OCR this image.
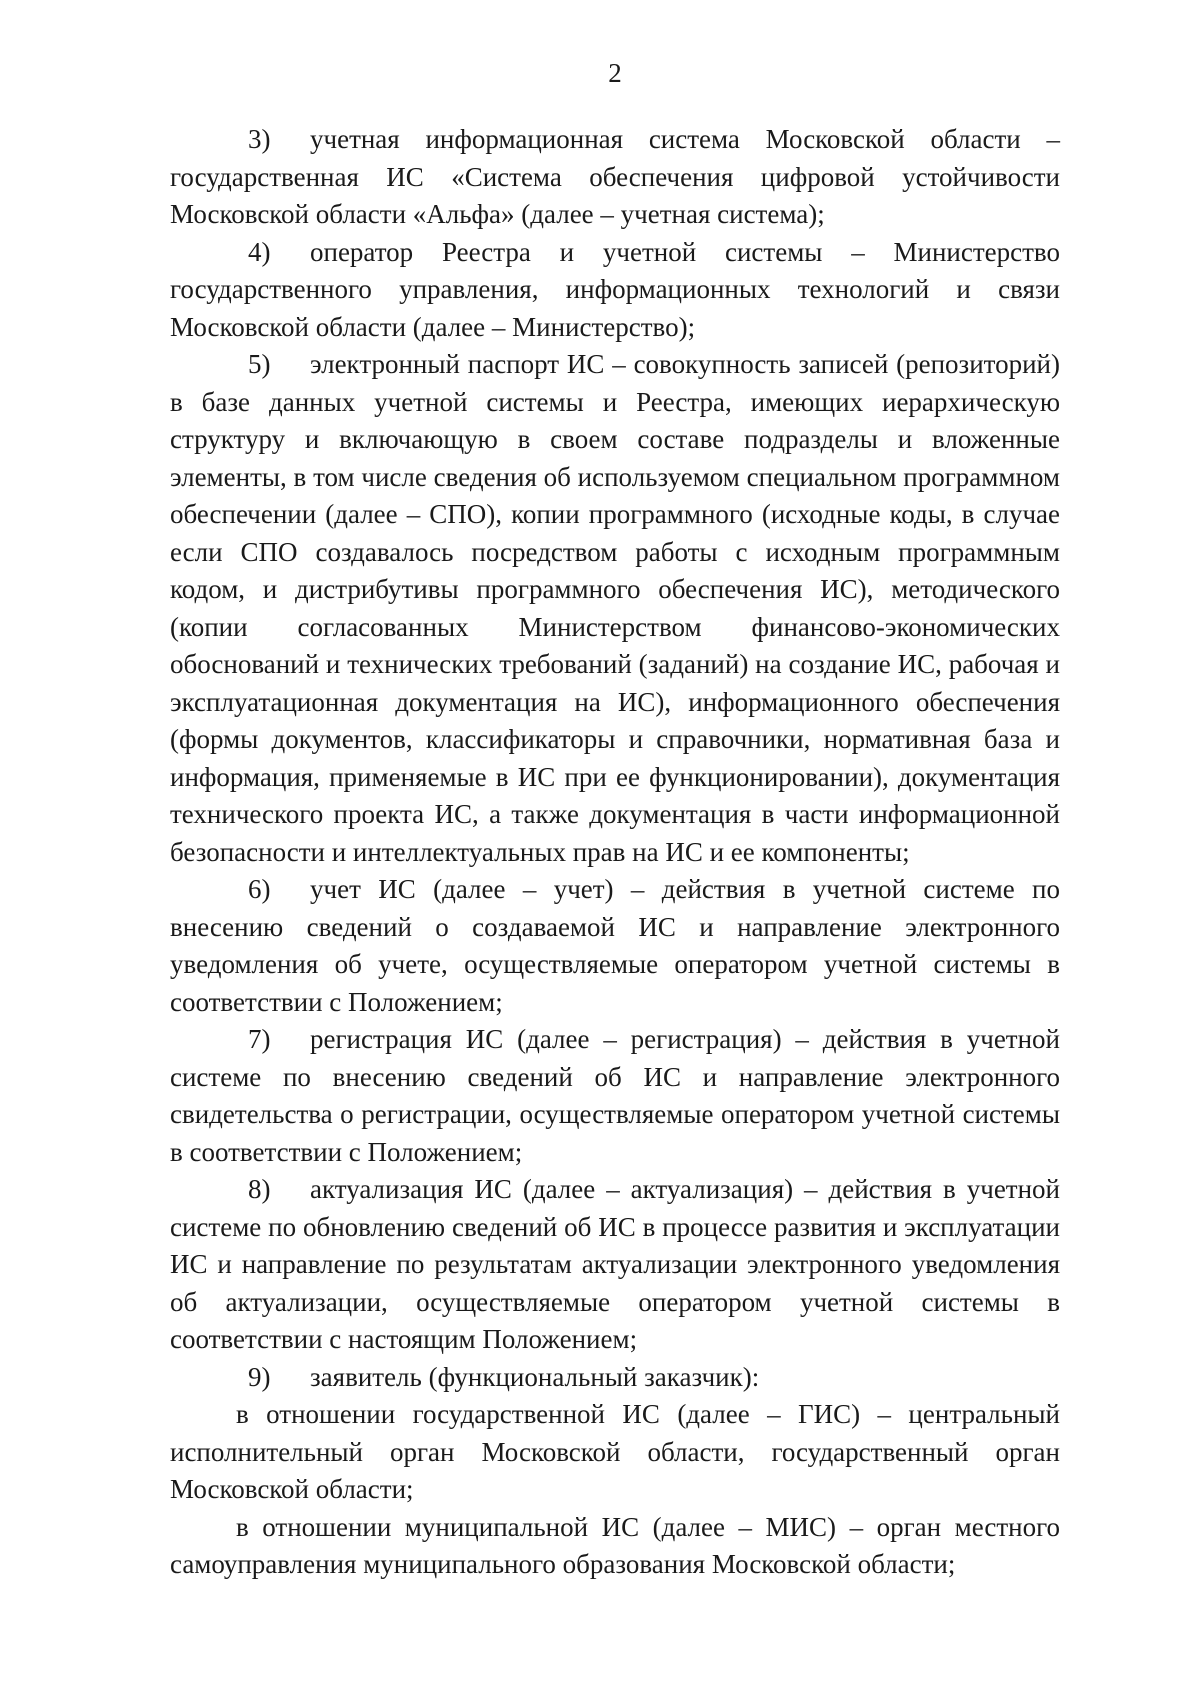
2

3) учетная информационная система Московской области – государственная ИС «Система обеспечения цифровой устойчивости Московской области «Альфа» (далее – учетная система);

4) оператор Реестра и учетной системы – Министерство государственного управления, информационных технологий и связи Московской области (далее – Министерство);

5) электронный паспорт ИС – совокупность записей (репозиторий) в базе данных учетной системы и Реестра, имеющих иерархическую структуру и включающую в своем составе подразделы и вложенные элементы, в том числе сведения об используемом специальном программном обеспечении (далее – СПО), копии программного (исходные коды, в случае если СПО создавалось посредством работы с исходным программным кодом, и дистрибутивы программного обеспечения ИС), методического (копии согласованных Министерством финансово-экономических обоснований и технических требований (заданий) на создание ИС, рабочая и эксплуатационная документация на ИС), информационного обеспечения (формы документов, классификаторы и справочники, нормативная база и информация, применяемые в ИС при ее функционировании), документация технического проекта ИС, а также документация в части информационной безопасности и интеллектуальных прав на ИС и ее компоненты;

6) учет ИС (далее – учет) – действия в учетной системе по внесению сведений о создаваемой ИС и направление электронного уведомления об учете, осуществляемые оператором учетной системы в соответствии с Положением;

7) регистрация ИС (далее – регистрация) – действия в учетной системе по внесению сведений об ИС и направление электронного свидетельства о регистрации, осуществляемые оператором учетной системы в соответствии с Положением;

8) актуализация ИС (далее – актуализация) – действия в учетной системе по обновлению сведений об ИС в процессе развития и эксплуатации ИС и направление по результатам актуализации электронного уведомления об актуализации, осуществляемые оператором учетной системы в соответствии с настоящим Положением;

9) заявитель (функциональный заказчик):

в отношении государственной ИС (далее – ГИС) – центральный исполнительный орган Московской области, государственный орган Московской области;

в отношении муниципальной ИС (далее – МИС) – орган местного самоуправления муниципального образования Московской области;
